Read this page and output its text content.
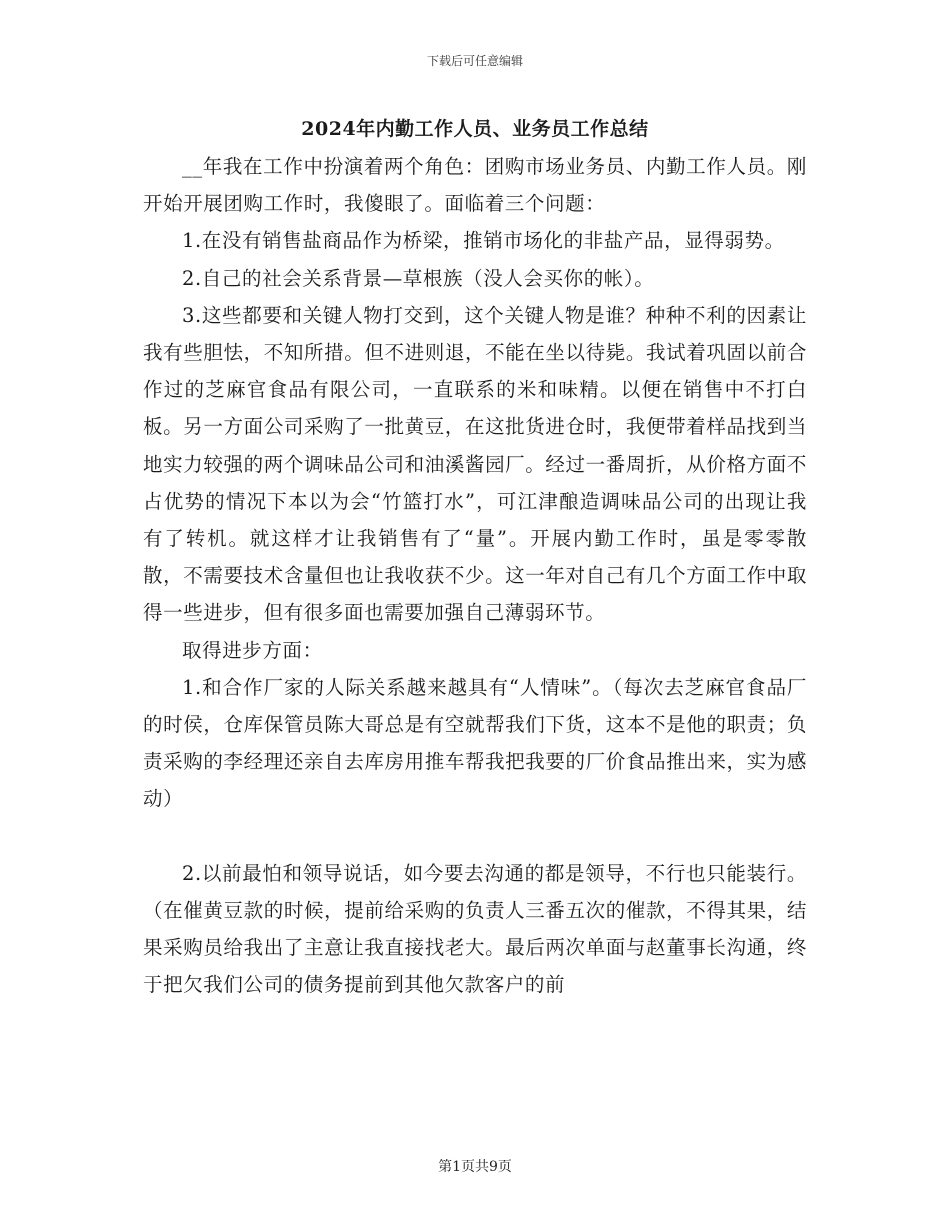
下载后可任意编辑
2024年内勤工作人员、业务员工作总结

__年我在工作中扮演着两个角色：团购市场业务员、内勤工作人员。刚开始开展团购工作时，我傻眼了。面临着三个问题：

1.在没有销售盐商品作为桥梁，推销市场化的非盐产品，显得弱势。

2.自己的社会关系背景—草根族（没人会买你的帐）。

3.这些都要和关键人物打交到，这个关键人物是谁？种种不利的因素让我有些胆怯，不知所措。但不进则退，不能在坐以待毙。我试着巩固以前合作过的芝麻官食品有限公司，一直联系的米和味精。以便在销售中不打白板。另一方面公司采购了一批黄豆，在这批货进仓时，我便带着样品找到当地实力较强的两个调味品公司和油溪酱园厂。经过一番周折，从价格方面不占优势的情况下本以为会“竹篮打水”，可江津酿造调味品公司的出现让我有了转机。就这样才让我销售有了“量”。开展内勤工作时，虽是零零散散，不需要技术含量但也让我收获不少。这一年对自己有几个方面工作中取得一些进步，但有很多面也需要加强自己薄弱环节。

取得进步方面：

1.和合作厂家的人际关系越来越具有“人情味”。（每次去芝麻官食品厂的时侯，仓库保管员陈大哥总是有空就帮我们下货，这本不是他的职责；负责采购的李经理还亲自去库房用推车帮我把我要的厂价食品推出来，实为感动）

2.以前最怕和领导说话，如今要去沟通的都是领导，不行也只能装行。（在催黄豆款的时候，提前给采购的负责人三番五次的催款，不得其果，结果采购员给我出了主意让我直接找老大。最后两次单面与赵董事长沟通，终于把欠我们公司的债务提前到其他欠款客户的前

第1页共9页
